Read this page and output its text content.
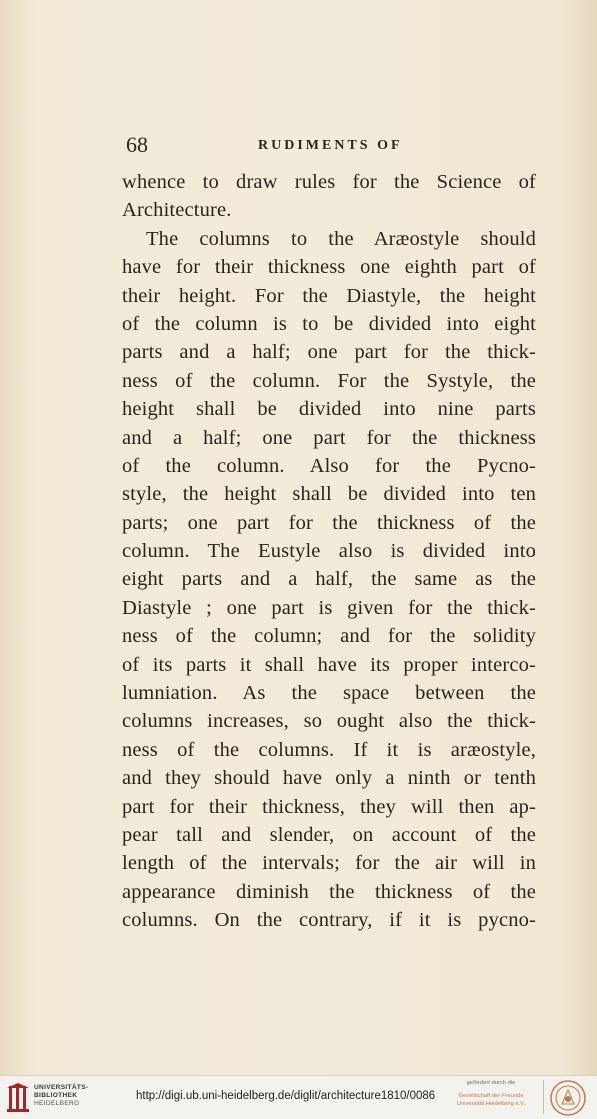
68	RUDIMENTS OF
whence to draw rules for the Science of
Architecture.
The columns to the Aræostyle should
have for their thickness one eighth part of
their height. For the Diastyle, the height
of the column is to be divided into eight
parts and a half; one part for the thick-
ness of the column. For the Systyle, the
height shall be divided into nine parts
and a half; one part for the thickness
of the column. Also for the Pycno-
style, the height shall be divided into ten
parts; one part for the thickness of the
column. The Eustyle also is divided into
eight parts and a half, the same as the
Diastyle ; one part is given for the thick-
ness of the column; and for the solidity
of its parts it shall have its proper interco-
lumniation. As the space between the
columns increases, so ought also the thick-
ness of the columns. If it is aræostyle,
and they should have only a ninth or tenth
part for their thickness, they will then ap-
pear tall and slender, on account of the
length of the intervals; for the air will in
appearance diminish the thickness of the
columns. On the contrary, if it is pycno-
UNIVERSITÄTS-
BIBLIOTHEK
HEIDELBERG
http://digi.ub.uni-heidelberg.de/diglit/architecture1810/0086
gefördert durch die
Gesellschaft der Freunde
Universität Heidelberg e.V.
